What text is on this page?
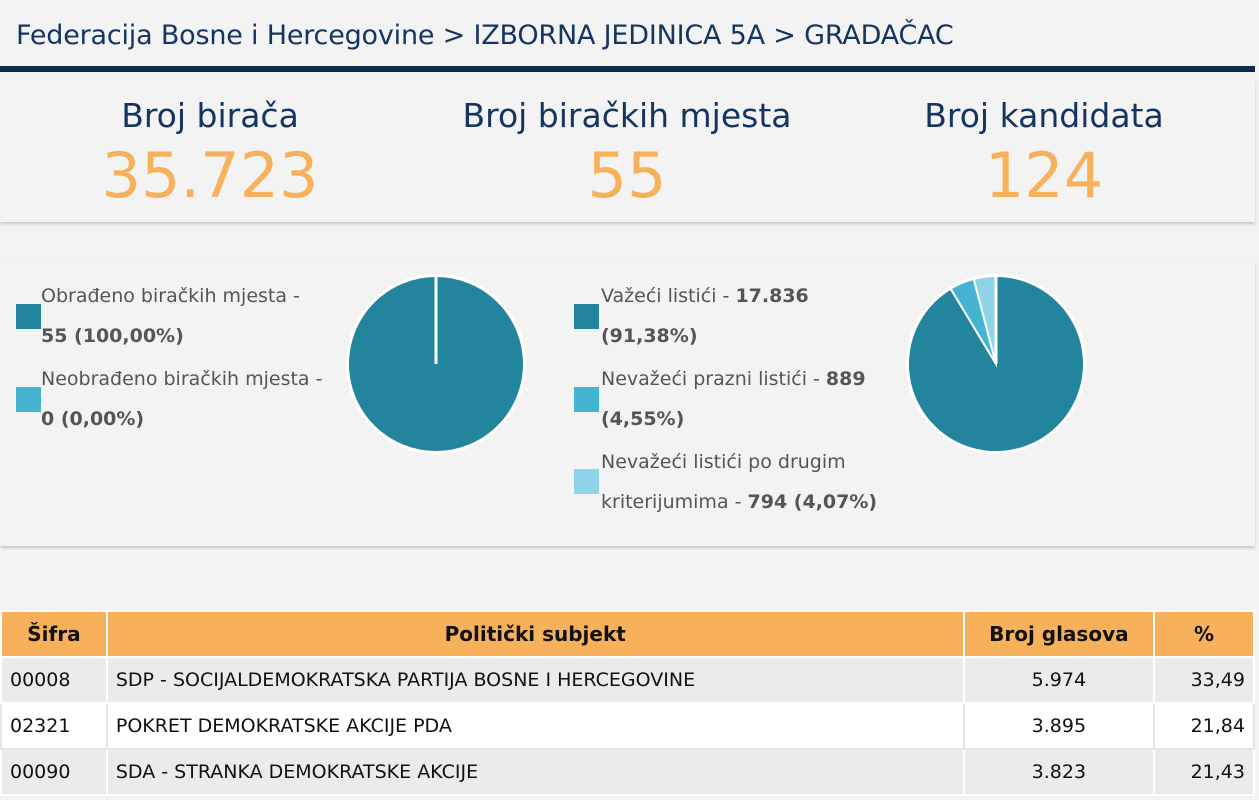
Federacija Bosne i Hercegovine > IZBORNA JEDINICA 5A > GRADAČAC
Broj birača
35.723
Broj biračkih mjesta
55
Broj kandidata
124
Obrađeno biračkih mjesta -
55 (100,00%)
Neobrađeno biračkih mjesta -
0 (0,00%)
Važeći listići - 17.836
(91,38%)
Nevažeći prazni listići - 889
(4,55%)
Nevažeći listići po drugim
kriterijumima - 794 (4,07%)
Šifra	Politički subjekt	Broj glasova	%
00008	SDP - SOCIJALDEMOKRATSKA PARTIJA BOSNE I HERCEGOVINE	5.974	33,49
02321	POKRET DEMOKRATSKE AKCIJE PDA	3.895	21,84
00090	SDA - STRANKA DEMOKRATSKE AKCIJE	3.823	21,43
